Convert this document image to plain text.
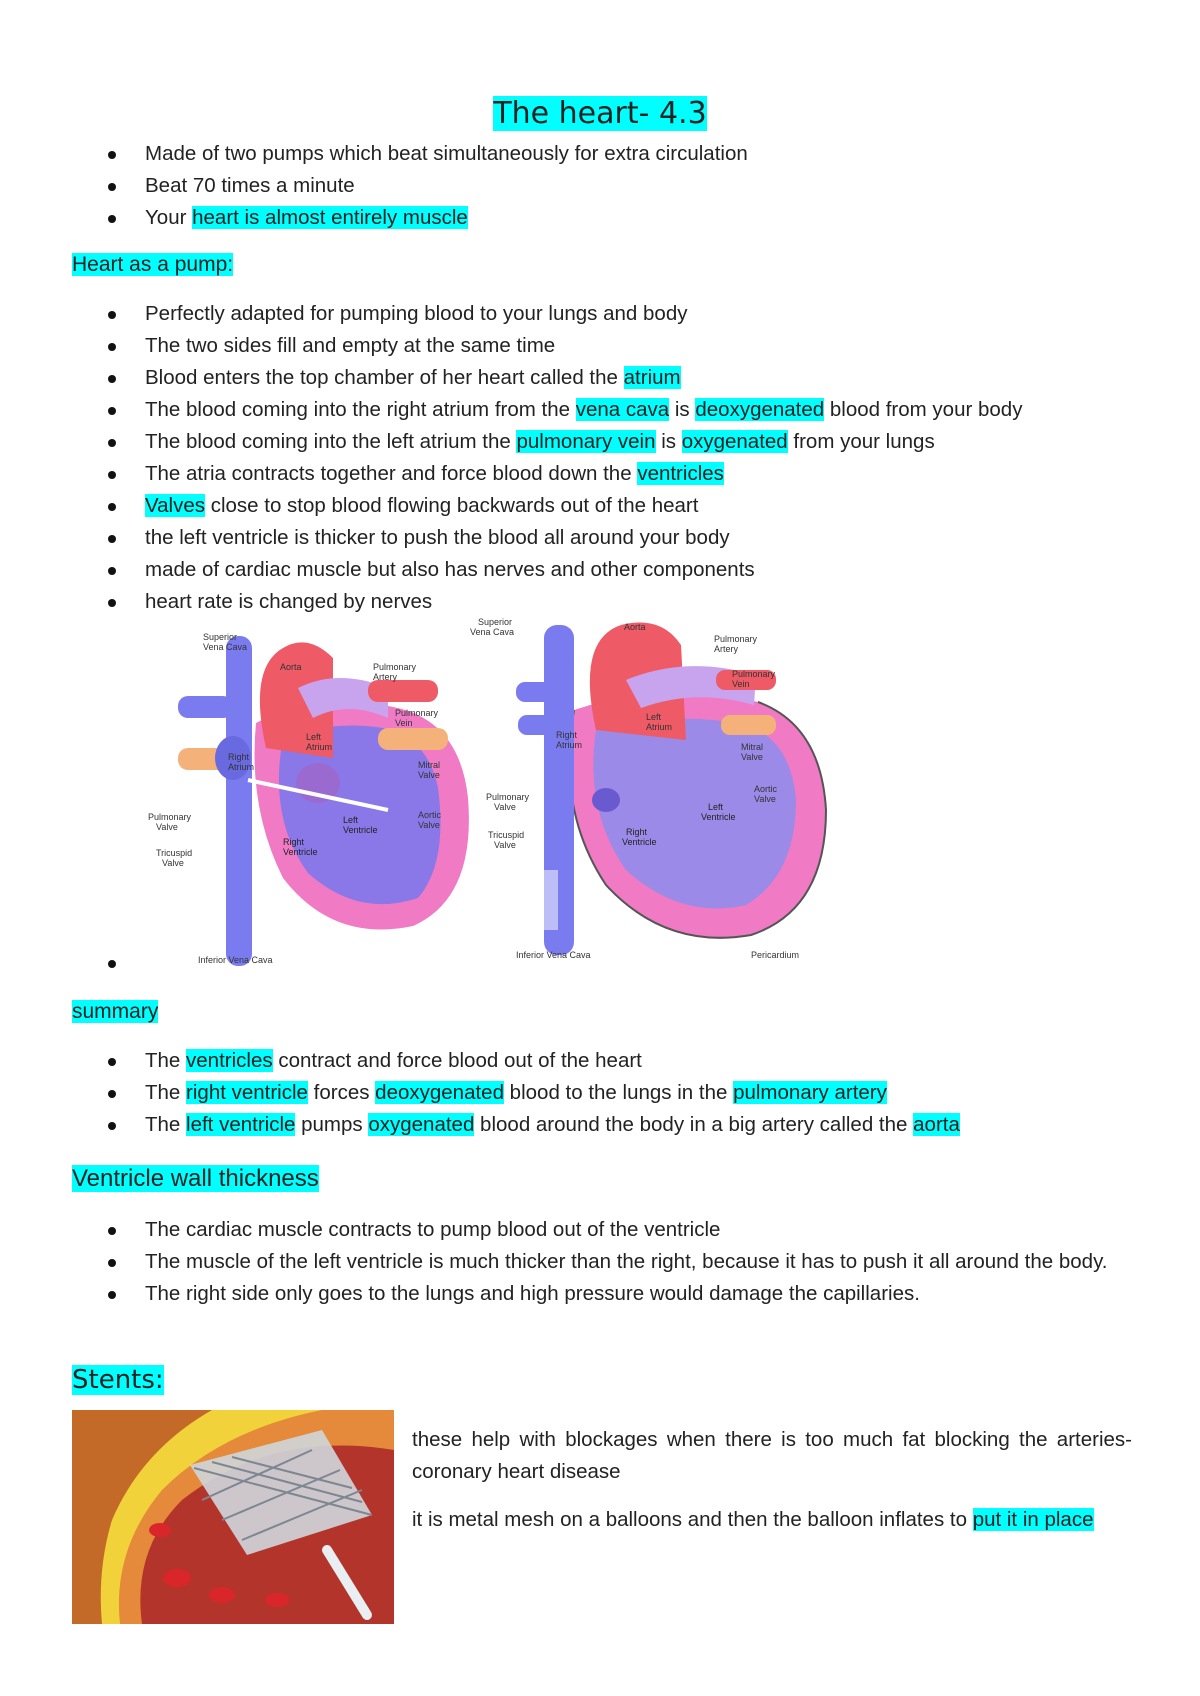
The heart- 4.3
Made of two pumps which beat simultaneously for extra circulation
Beat 70 times a minute
Your heart is almost entirely muscle
Heart as a pump:
Perfectly adapted for pumping blood to your lungs and body
The two sides fill and empty at the same time
Blood enters the top chamber of her heart called the atrium
The blood coming into the right atrium from the vena cava is deoxygenated blood from your body
The blood coming into the left atrium the pulmonary vein is oxygenated from your lungs
The atria contracts together and force blood down the ventricles
Valves close to stop blood flowing backwards out of the heart
the left ventricle is thicker to push the blood all around your body
made of cardiac muscle but also has nerves and other components
heart rate is changed by nerves
Superior Vena Cava
Aorta	Pulmonary Artery
Pulmonary Vein
Left Atrium
Right Atrium	Mitral Valve
Aortic Valve
Pulmonary Valve
Tricuspid Valve
Left Ventricle
Right Ventricle
Inferior Vena Cava
Superior Vena Cava	Aorta
Pulmonary Artery
Pulmonary Vein
Left Atrium
Right Atrium	Mitral Valve
Aortic Valve
Pulmonary Valve
Tricuspid Valve
Left Ventricle
Right Ventricle
Inferior Vena Cava	Pericardium
summary
The ventricles contract and force blood out of the heart
The right ventricle forces deoxygenated blood to the lungs in the pulmonary artery
The left ventricle pumps oxygenated blood around the body in a big artery called the aorta
Ventricle wall thickness
The cardiac muscle contracts to pump blood out of the ventricle
The muscle of the left ventricle is much thicker than the right, because it has to push it all around the body.
The right side only goes to the lungs and high pressure would damage the capillaries.
Stents:

these help with blockages when there is too much fat blocking the arteries- coronary heart disease

it is metal mesh on a balloons and then the balloon inflates to put it in place
